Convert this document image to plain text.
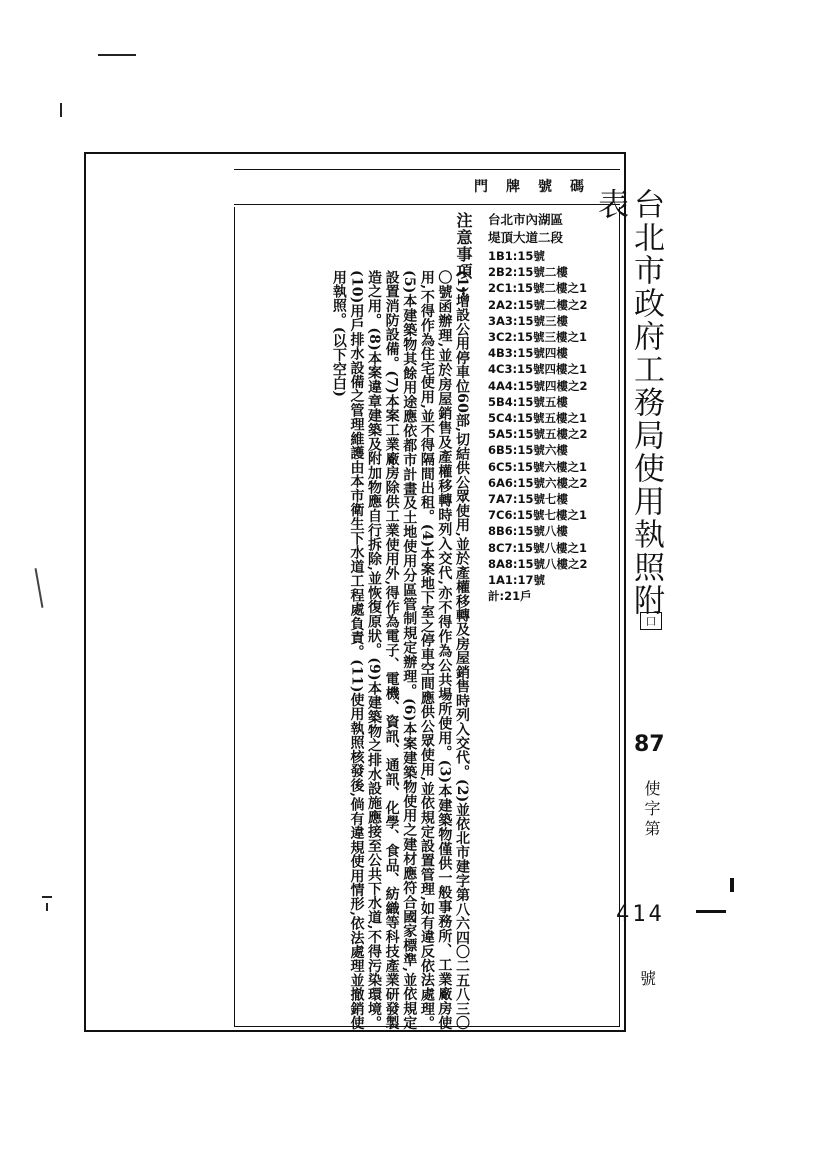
門牌號碼
台北市內湖區
堤頂大道二段
1B1:15號
2B2:15號二樓
2C1:15號二樓之1
2A2:15號二樓之2
3A3:15號三樓
3C2:15號三樓之1
4B3:15號四樓
4C3:15號四樓之1
4A4:15號四樓之2
5B4:15號五樓
5C4:15號五樓之1
5A5:15號五樓之2
6B5:15號六樓
6C5:15號六樓之1
6A6:15號六樓之2
7A7:15號七樓
7C6:15號七樓之1
8B6:15號八樓
8C7:15號八樓之1
8A8:15號八樓之2
1A1:17號
計:21戶
注意事項:
(1)增設公用停車位60部,切結供公眾使用,並於產權移轉及房屋銷售時列入交代。(2)並依北市建字第八六四〇二五八三〇〇號函辦理,並於房屋銷售及產權移轉時列入交代,亦不得作為公共場所使用。(3)本建築物僅供一般事務所、工業廠房使用,不得作為住宅使用,並不得隔間出租。(4)本案地下室之停車空間應供公眾使用,並依規定設置管理,如有違反依法處理。(5)本建築物其餘用途應依都市計畫及土地使用分區管制規定辦理。(6)本案建築物使用之建材應符合國家標準,並依規定設置消防設備。(7)本案工業廠房除供工業使用外,得作為電子、電機、資訊、通訊、化學、食品、紡織等科技產業研發製造之用。(8)本案違章建築及附加物應自行拆除,並恢復原狀。(9)本建築物之排水設施應接至公共下水道,不得污染環境。(10)用戶排水設備之管理維護由本市衛生下水道工程處負責。(11)使用執照核發後,倘有違規使用情形,依法處理並撤銷使用執照。(以下空白)	台北市政府工務局使用執照附表
口
87
使字第
414
號
